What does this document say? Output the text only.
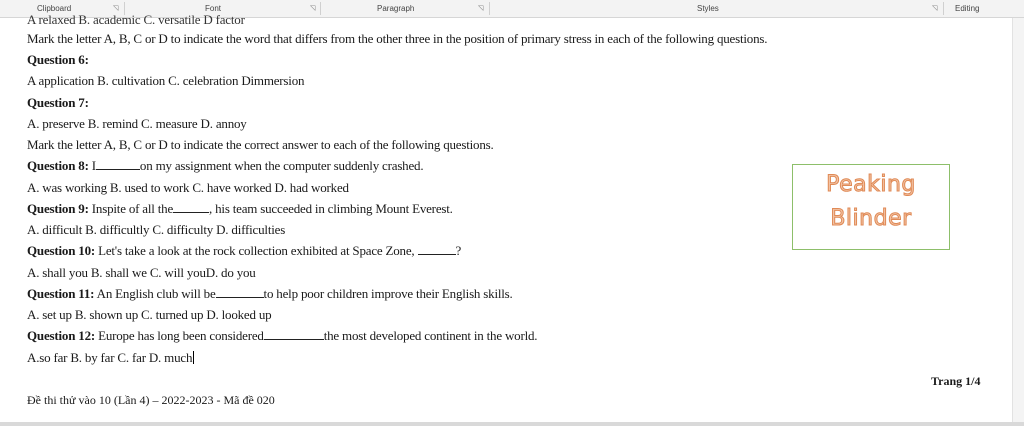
Clipboard	◹	Font	◹	Paragraph	◹	Styles	◹ Editing
A relaxed B. academic C. versatile D factor
Mark the letter A, B, C or D to indicate the word that differs from the other three in the position of primary stress in each of the following questions.
Question 6:
A application B. cultivation C. celebration Dimmersion
Question 7:
A. preserve B. remind C. measure D. annoy
Mark the letter A, B, C or D to indicate the correct answer to each of the following questions.
Question 8: I	on my assignment when the computer suddenly crashed.
A. was working B. used to work C. have worked D. had worked
Question 9: Inspite of all the	, his team succeeded in climbing Mount Everest.
A. difficult B. difficultly C. difficulty D. difficulties
Question 10: Let's take a look at the rock collection exhibited at Space Zone,	?
A. shall you B. shall we C. will youD. do you
Question 11: An English club will be	to help poor children improve their English skills.
A. set up B. shown up C. turned up D. looked up
Question 12: Europe has long been considered	the most developed continent in the world.
A.so far B. by far C. far D. much
Peaking
Blinder
Trang 1/4
Đề thi thử vào 10 (Lần 4) – 2022-2023 - Mã đề 020
